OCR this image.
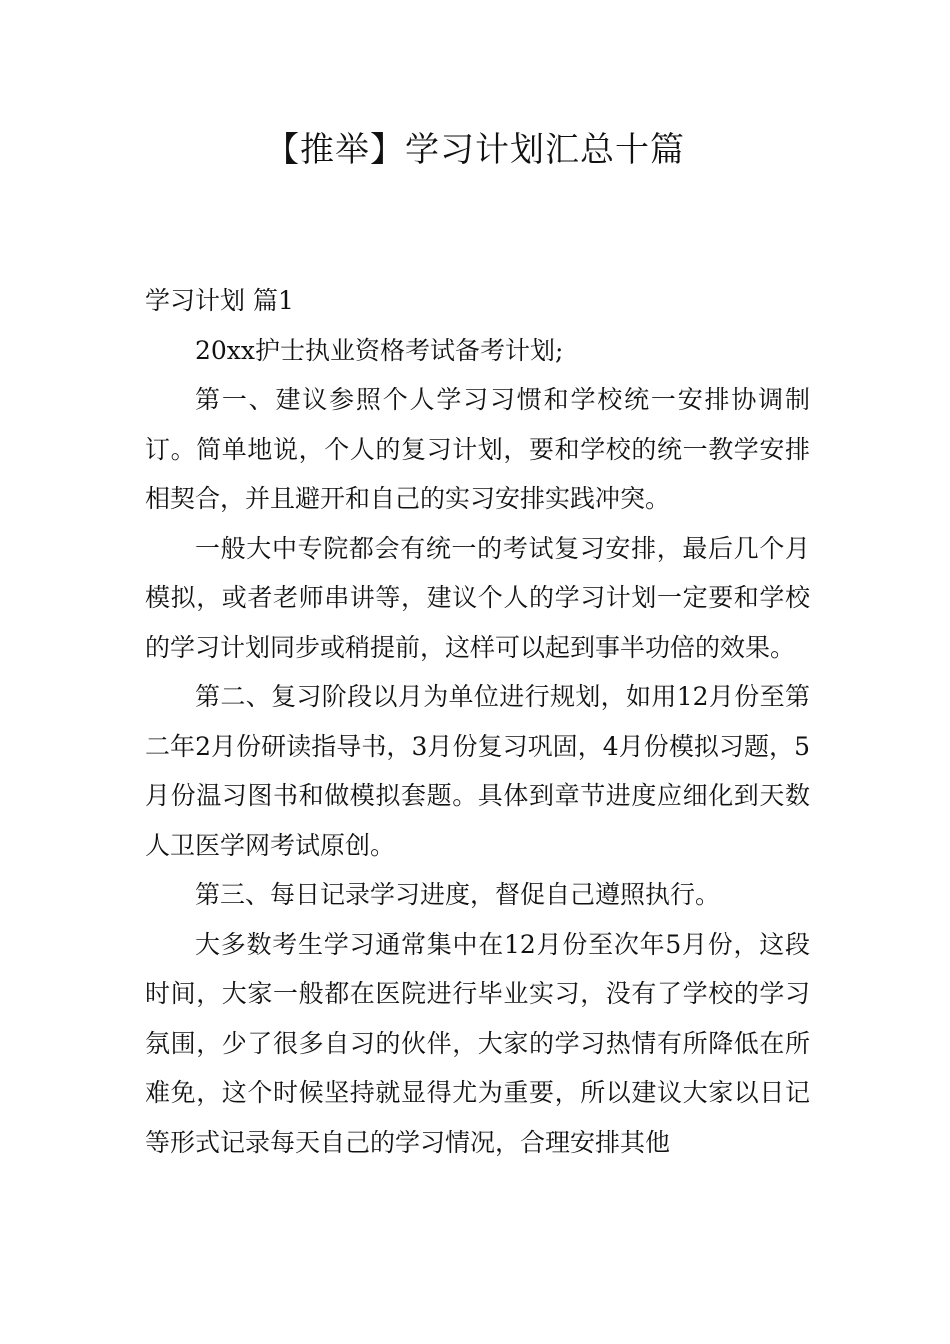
【推举】学习计划汇总十篇

学习计划 篇1

20xx护士执业资格考试备考计划;

第一、建议参照个人学习习惯和学校统一安排协调制订。简单地说，个人的复习计划，要和学校的统一教学安排相契合，并且避开和自己的实习安排实践冲突。

一般大中专院都会有统一的考试复习安排，最后几个月模拟，或者老师串讲等，建议个人的学习计划一定要和学校的学习计划同步或稍提前，这样可以起到事半功倍的效果。

第二、复习阶段以月为单位进行规划，如用12月份至第二年2月份研读指导书，3月份复习巩固，4月份模拟习题，5月份温习图书和做模拟套题。具体到章节进度应细化到天数人卫医学网考试原创。

第三、每日记录学习进度，督促自己遵照执行。

大多数考生学习通常集中在12月份至次年5月份，这段时间，大家一般都在医院进行毕业实习，没有了学校的学习氛围，少了很多自习的伙伴，大家的学习热情有所降低在所难免，这个时候坚持就显得尤为重要，所以建议大家以日记等形式记录每天自己的学习情况，合理安排其他
